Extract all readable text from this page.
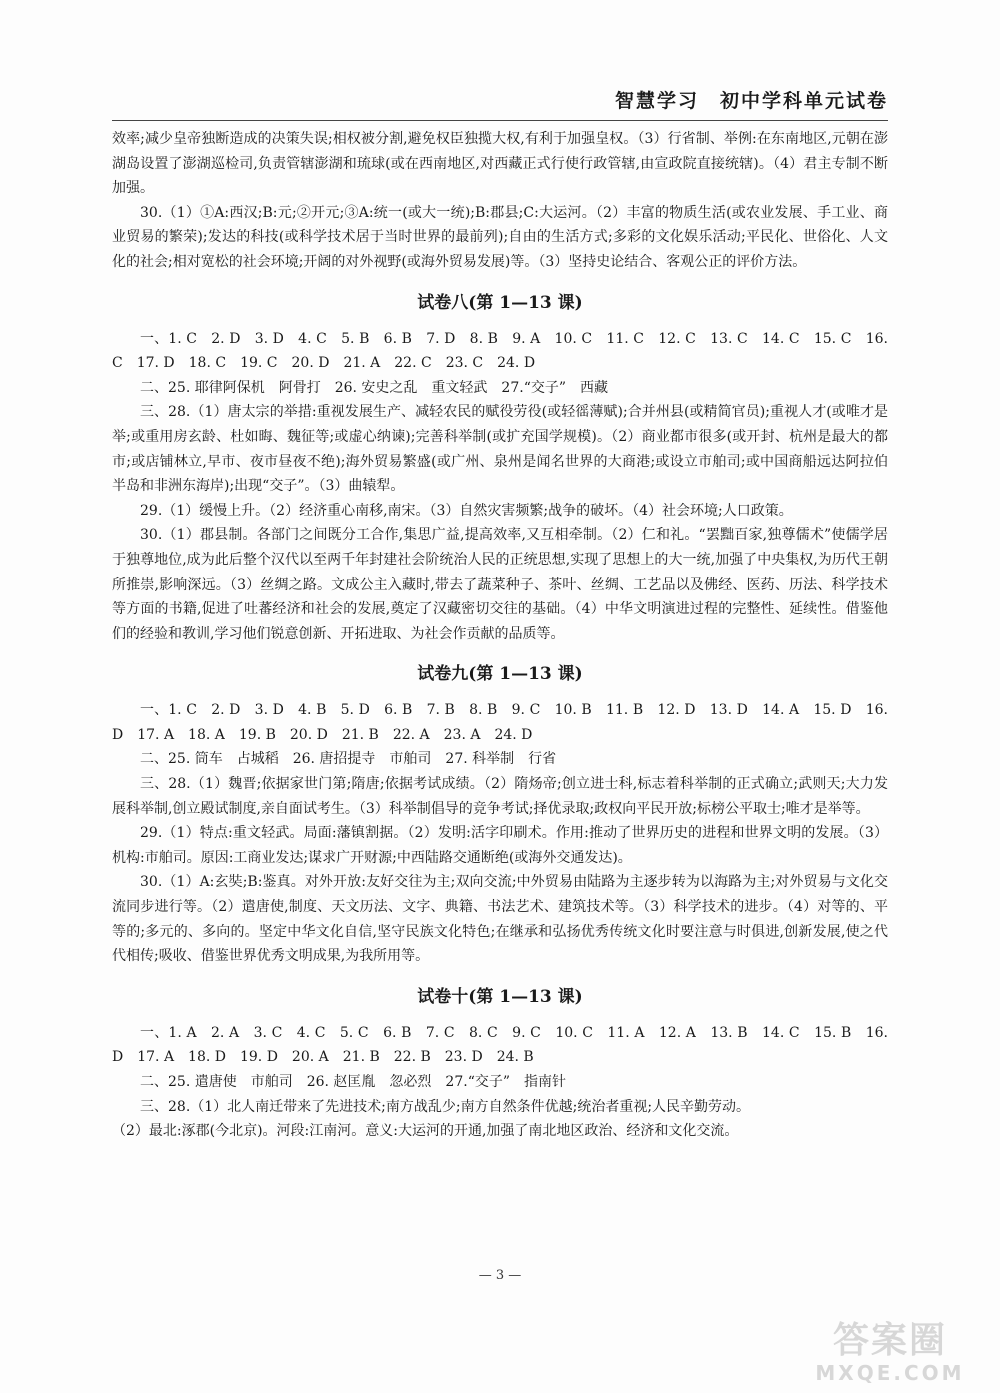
智慧学习　初中学科单元试卷

效率;减少皇帝独断造成的决策失误;相权被分割,避免权臣独揽大权,有利于加强皇权。（3）行省制、举例:在东南地区,元朝在澎湖岛设置了澎湖巡检司,负责管辖澎湖和琉球(或在西南地区,对西藏正式行使行政管辖,由宣政院直接统辖)。（4）君主专制不断加强。

30.（1）①A:西汉;B:元;②开元;③A:统一(或大一统);B:郡县;C:大运河。（2）丰富的物质生活(或农业发展、手工业、商业贸易的繁荣);发达的科技(或科学技术居于当时世界的最前列);自由的生活方式;多彩的文化娱乐活动;平民化、世俗化、人文化的社会;相对宽松的社会环境;开阔的对外视野(或海外贸易发展)等。（3）坚持史论结合、客观公正的评价方法。

试卷八(第 1—13 课)

一、1. C　2. D　3. D　4. C　5. B　6. B　7. D　8. B　9. A　10. C　11. C　12. C　13. C　14. C　15. C　16. C　17. D　18. C　19. C　20. D　21. A　22. C　23. C　24. D

二、25. 耶律阿保机　阿骨打　26. 安史之乱　重文轻武　27.“交子”　西藏

三、28.（1）唐太宗的举措:重视发展生产、减轻农民的赋役劳役(或轻徭薄赋);合并州县(或精简官员);重视人才(或唯才是举;或重用房玄龄、杜如晦、魏征等;或虚心纳谏);完善科举制(或扩充国学规模)。（2）商业都市很多(或开封、杭州是最大的都市;或店铺林立,早市、夜市昼夜不绝);海外贸易繁盛(或广州、泉州是闻名世界的大商港;或设立市舶司;或中国商船远达阿拉伯半岛和非洲东海岸);出现“交子”。（3）曲辕犁。

29.（1）缓慢上升。（2）经济重心南移,南宋。（3）自然灾害频繁;战争的破坏。（4）社会环境;人口政策。

30.（1）郡县制。各部门之间既分工合作,集思广益,提高效率,又互相牵制。（2）仁和礼。“罢黜百家,独尊儒术”使儒学居于独尊地位,成为此后整个汉代以至两千年封建社会阶统治人民的正统思想,实现了思想上的大一统,加强了中央集权,为历代王朝所推崇,影响深远。（3）丝绸之路。文成公主入藏时,带去了蔬菜种子、茶叶、丝绸、工艺品以及佛经、医药、历法、科学技术等方面的书籍,促进了吐蕃经济和社会的发展,奠定了汉藏密切交往的基础。（4）中华文明演进过程的完整性、延续性。借鉴他们的经验和教训,学习他们锐意创新、开拓进取、为社会作贡献的品质等。

试卷九(第 1—13 课)

一、1. C　2. D　3. D　4. B　5. D　6. B　7. B　8. B　9. C　10. B　11. B　12. D　13. D　14. A　15. D　16. D　17. A　18. A　19. B　20. D　21. B　22. A　23. A　24. D

二、25. 筒车　占城稻　26. 唐招提寺　市舶司　27. 科举制　行省

三、28.（1）魏晋;依据家世门第;隋唐;依据考试成绩。（2）隋炀帝;创立进士科,标志着科举制的正式确立;武则天;大力发展科举制,创立殿试制度,亲自面试考生。（3）科举制倡导的竞争考试;择优录取;政权向平民开放;标榜公平取士;唯才是举等。

29.（1）特点:重文轻武。局面:藩镇割据。（2）发明:活字印刷术。作用:推动了世界历史的进程和世界文明的发展。（3）机构:市舶司。原因:工商业发达;谋求广开财源;中西陆路交通断绝(或海外交通发达)。

30.（1）A:玄奘;B:鉴真。对外开放:友好交往为主;双向交流;中外贸易由陆路为主逐步转为以海路为主;对外贸易与文化交流同步进行等。（2）遣唐使,制度、天文历法、文字、典籍、书法艺术、建筑技术等。（3）科学技术的进步。（4）对等的、平等的;多元的、多向的。坚定中华文化自信,坚守民族文化特色;在继承和弘扬优秀传统文化时要注意与时俱进,创新发展,使之代代相传;吸收、借鉴世界优秀文明成果,为我所用等。

试卷十(第 1—13 课)

一、1. A　2. A　3. C　4. C　5. C　6. B　7. C　8. C　9. C　10. C　11. A　12. A　13. B　14. C　15. B　16. D　17. A　18. D　19. D　20. A　21. B　22. B　23. D　24. B

二、25. 遣唐使　市舶司　26. 赵匡胤　忽必烈　27.“交子”　指南针

三、28.（1）北人南迁带来了先进技术;南方战乱少;南方自然条件优越;统治者重视;人民辛勤劳动。

（2）最北:涿郡(今北京)。河段:江南河。意义:大运河的开通,加强了南北地区政治、经济和文化交流。

— 3 —
答案圈
MXQE.COM
